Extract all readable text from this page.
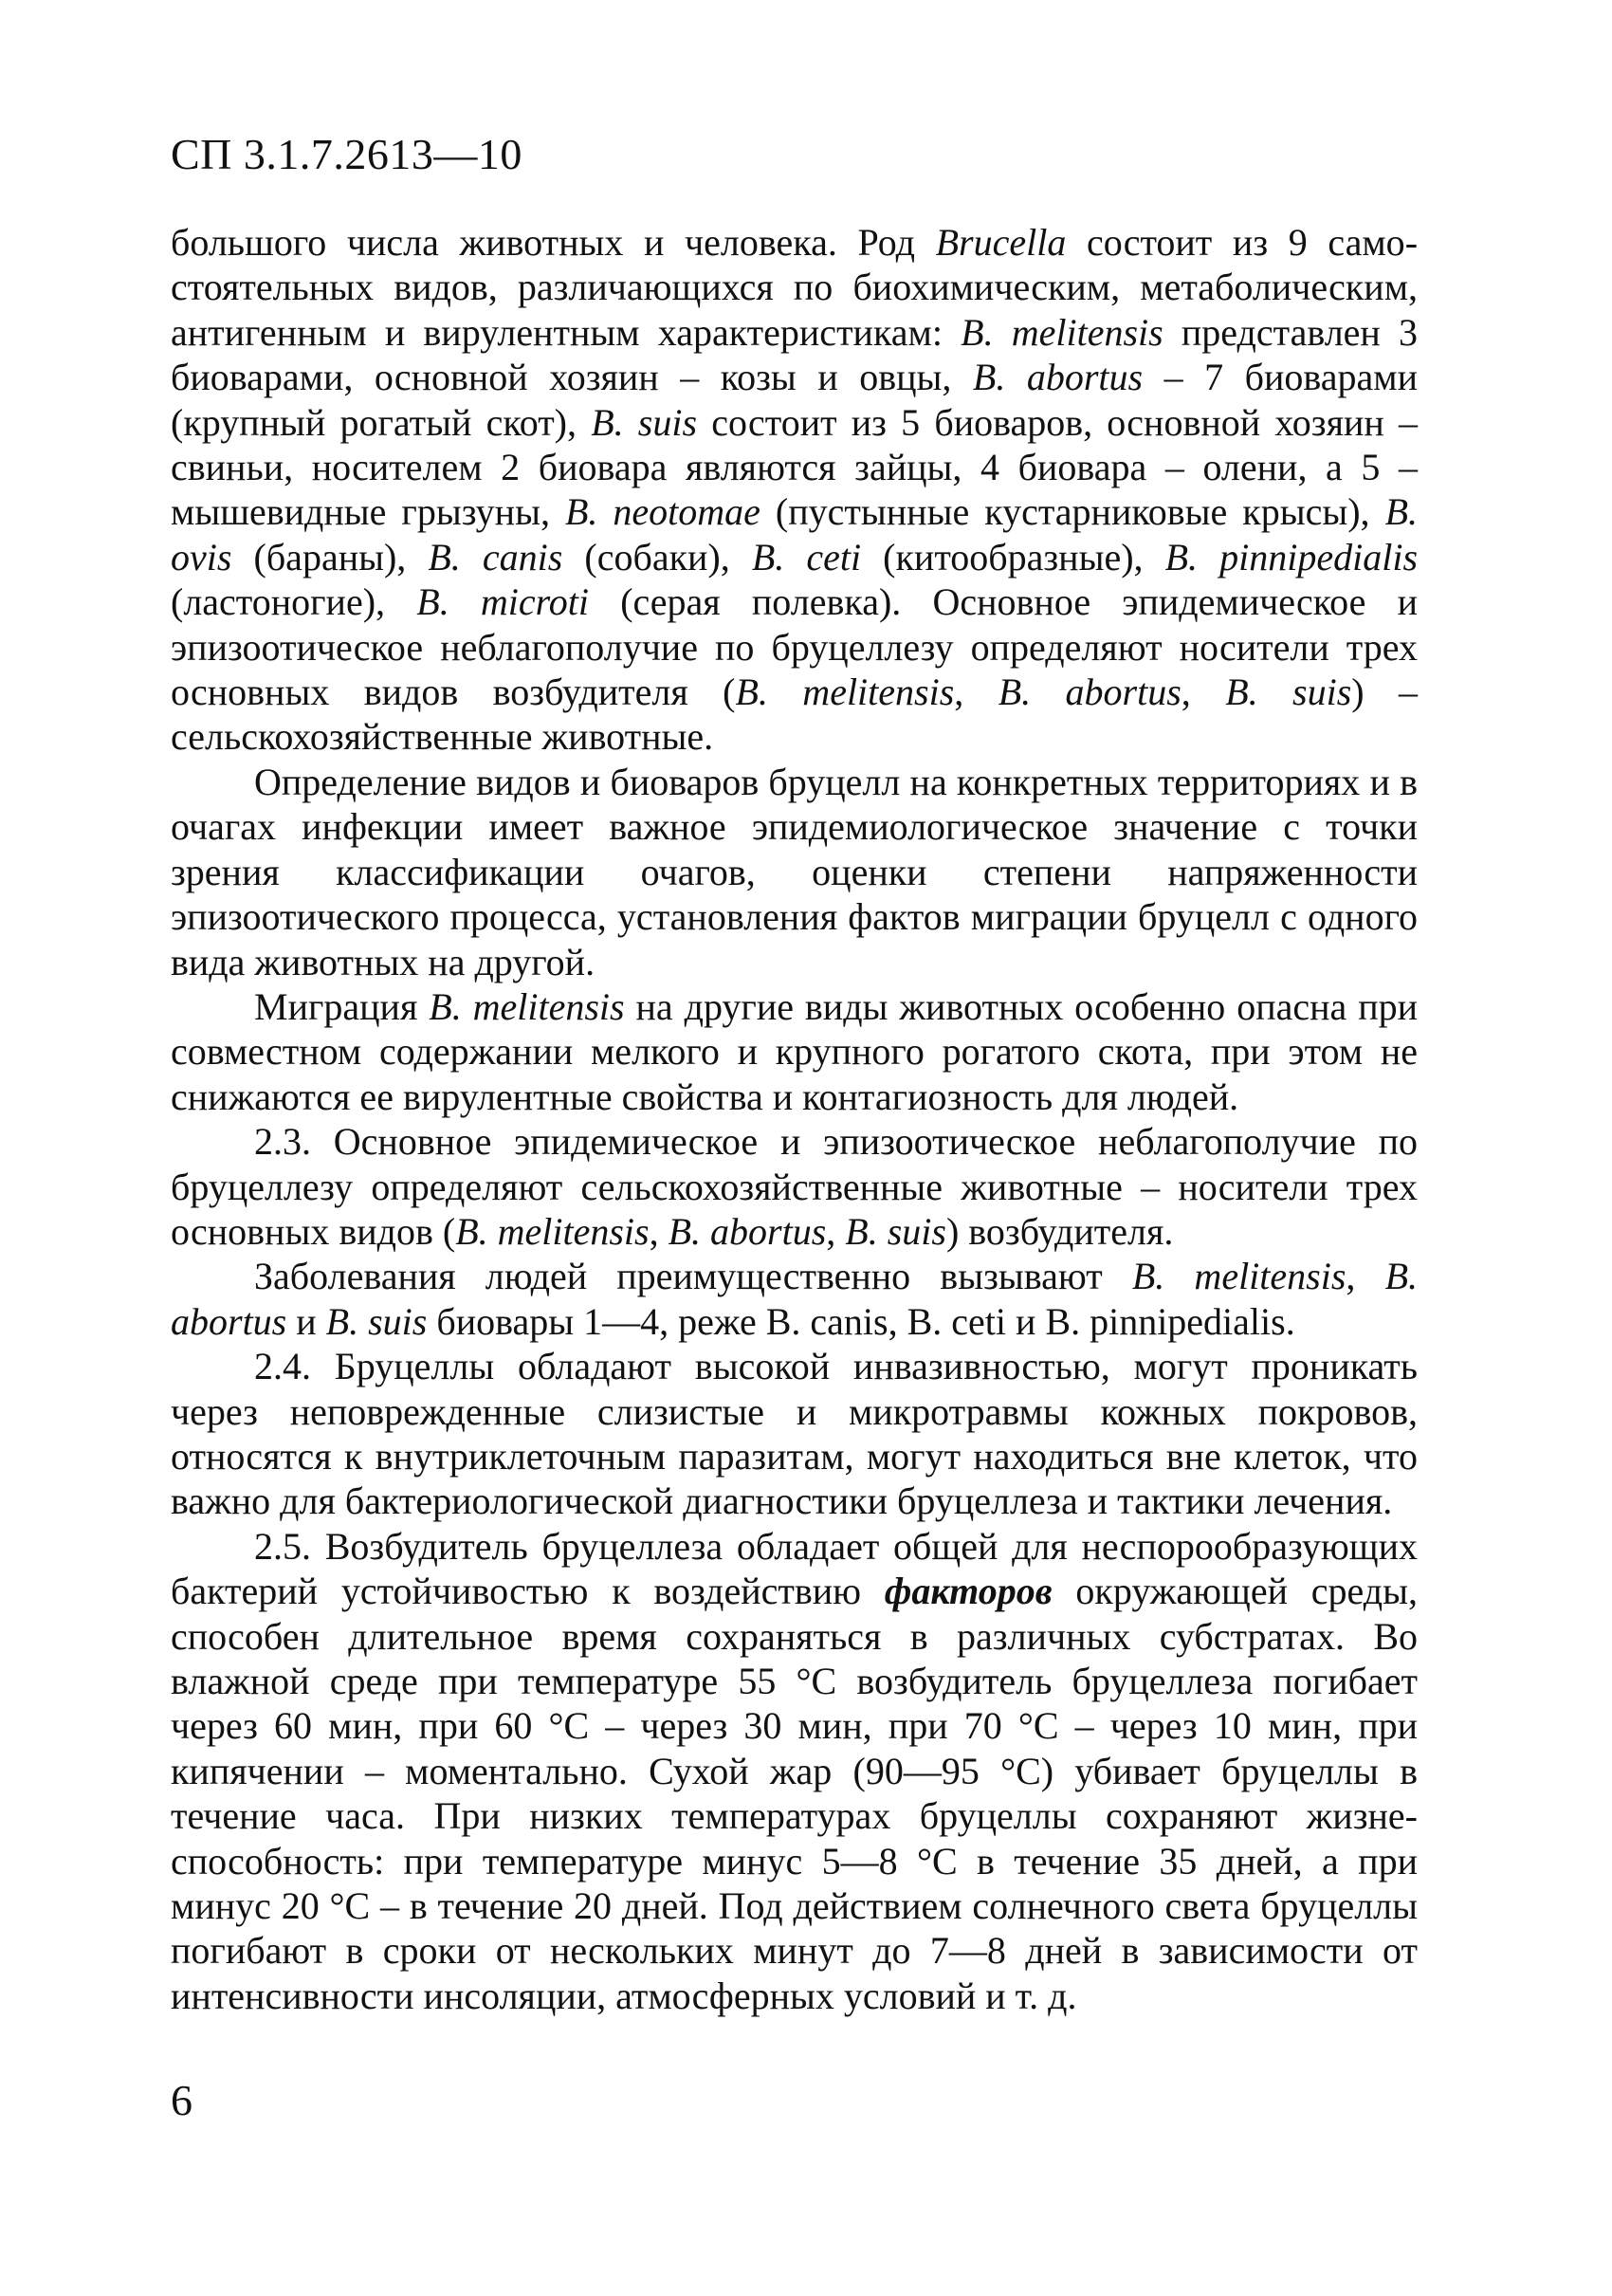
СП 3.1.7.2613—10

большого числа животных и человека. Род Brucella состоит из 9 самостоятельных видов, различающихся по биохимическим, метаболическим, антигенным и вирулентным характеристикам: B. melitensis представлен 3 биоварами, основной хозяин – козы и овцы, B. abortus – 7 биоварами (крупный рогатый скот), B. suis состоит из 5 биоваров, основной хозяин – свиньи, носителем 2 биовара являются зайцы, 4 биовара – олени, а 5 – мышевидные грызуны, B. neotomae (пустынные кустарниковые крысы), B. ovis (бараны), B. canis (собаки), B. ceti (китообразные), B. pinnipedialis (ластоногие), B. microti (серая полевка). Основное эпидемическое и эпизоотическое неблагополучие по бруцеллезу определяют носители трех основных видов возбудителя (B. melitensis, B. abortus, B. suis) – сельскохозяйственные животные.

Определение видов и биоваров бруцелл на конкретных территориях и в очагах инфекции имеет важное эпидемиологическое значение с точки зрения классификации очагов, оценки степени напряженности эпизоотического процесса, установления фактов миграции бруцелл с одного вида животных на другой.

Миграция B. melitensis на другие виды животных особенно опасна при совместном содержании мелкого и крупного рогатого скота, при этом не снижаются ее вирулентные свойства и контагиозность для людей.

2.3. Основное эпидемическое и эпизоотическое неблагополучие по бруцеллезу определяют сельскохозяйственные животные – носители трех основных видов (B. melitensis, B. abortus, B. suis) возбудителя.

Заболевания людей преимущественно вызывают B. melitensis, B. abortus и B. suis биовары 1—4, реже B. canis, B. ceti и B. pinnipedialis.

2.4. Бруцеллы обладают высокой инвазивностью, могут проникать через неповрежденные слизистые и микротравмы кожных покровов, относятся к внутриклеточным паразитам, могут находиться вне клеток, что важно для бактериологической диагностики бруцеллеза и тактики лечения.

2.5. Возбудитель бруцеллеза обладает общей для неспорообразующих бактерий устойчивостью к воздействию факторов окружающей среды, способен длительное время сохраняться в различных субстратах. Во влажной среде при температуре 55 °С возбудитель бруцеллеза погибает через 60 мин, при 60 °С – через 30 мин, при 70 °С – через 10 мин, при кипячении – моментально. Сухой жар (90—95 °С) убивает бруцеллы в течение часа. При низких температурах бруцеллы сохраняют жизнеспособность: при температуре минус 5—8 °С в течение 35 дней, а при минус 20 °С – в течение 20 дней. Под действием солнечного света бруцеллы погибают в сроки от нескольких минут до 7—8 дней в зависимости от интенсивности инсоляции, атмосферных условий и т. д.

6
